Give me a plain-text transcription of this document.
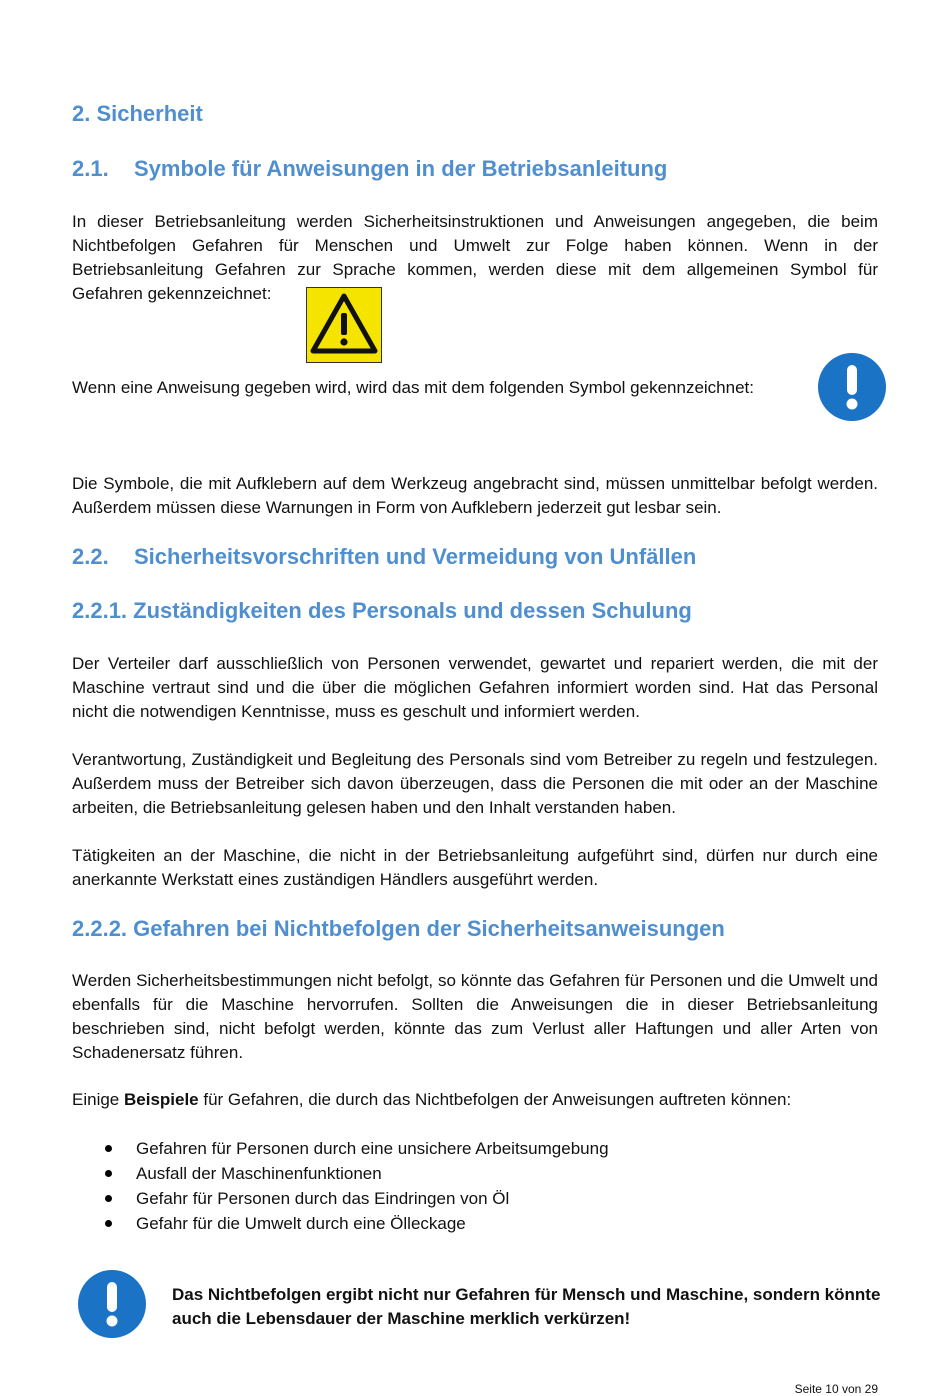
2. Sicherheit
2.1. Symbole für Anweisungen in der Betriebsanleitung

In dieser Betriebsanleitung werden Sicherheitsinstruktionen und Anweisungen angegeben, die beim Nichtbefolgen Gefahren für Menschen und Umwelt zur Folge haben können. Wenn in der Betriebsanleitung Gefahren zur Sprache kommen, werden diese mit dem allgemeinen Symbol für Gefahren gekennzeichnet:

Wenn eine Anweisung gegeben wird, wird das mit dem folgenden Symbol gekennzeichnet:

Die Symbole, die mit Aufklebern auf dem Werkzeug angebracht sind, müssen unmittelbar befolgt werden. Außerdem müssen diese Warnungen in Form von Aufklebern jederzeit gut lesbar sein.

2.2. Sicherheitsvorschriften und Vermeidung von Unfällen
2.2.1. Zuständigkeiten des Personals und dessen Schulung

Der Verteiler darf ausschließlich von Personen verwendet, gewartet und repariert werden, die mit der Maschine vertraut sind und die über die möglichen Gefahren informiert worden sind. Hat das Personal nicht die notwendigen Kenntnisse, muss es geschult und informiert werden.

Verantwortung, Zuständigkeit und Begleitung des Personals sind vom Betreiber zu regeln und festzulegen. Außerdem muss der Betreiber sich davon überzeugen, dass die Personen die mit oder an der Maschine arbeiten, die Betriebsanleitung gelesen haben und den Inhalt verstanden haben.

Tätigkeiten an der Maschine, die nicht in der Betriebsanleitung aufgeführt sind, dürfen nur durch eine anerkannte Werkstatt eines zuständigen Händlers ausgeführt werden.

2.2.2. Gefahren bei Nichtbefolgen der Sicherheitsanweisungen

Werden Sicherheitsbestimmungen nicht befolgt, so könnte das Gefahren für Personen und die Umwelt und ebenfalls für die Maschine hervorrufen. Sollten die Anweisungen die in dieser Betriebsanleitung beschrieben sind, nicht befolgt werden, könnte das zum Verlust aller Haftungen und aller Arten von Schadenersatz führen.

Einige Beispiele für Gefahren, die durch das Nichtbefolgen der Anweisungen auftreten können:

Gefahren für Personen durch eine unsichere Arbeitsumgebung
Ausfall der Maschinenfunktionen
Gefahr für Personen durch das Eindringen von Öl
Gefahr für die Umwelt durch eine Ölleckage

Das Nichtbefolgen ergibt nicht nur Gefahren für Mensch und Maschine, sondern könnte auch die Lebensdauer der Maschine merklich verkürzen!

Seite 10 von 29
